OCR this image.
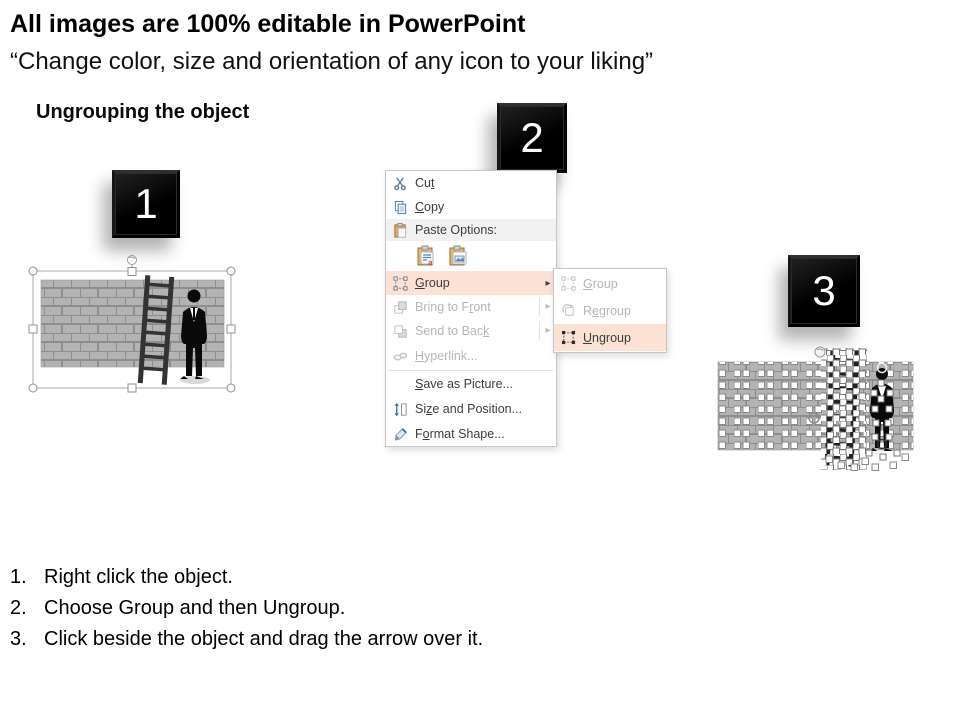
All images are 100% editable in PowerPoint
“Change color, size and orientation of any icon to your liking”
Ungrouping the object
1
2
3
Cut
Copy
Paste Options:
a
Group	▸
Bring to Front	▸
Send to Back	▸
Hyperlink...
Save as Picture...
Size and Position...
Format Shape...
Group
Regroup
Ungroup
1. Right click the object.
2. Choose Group and then Ungroup.
3. Click beside the object and drag the arrow over it.
